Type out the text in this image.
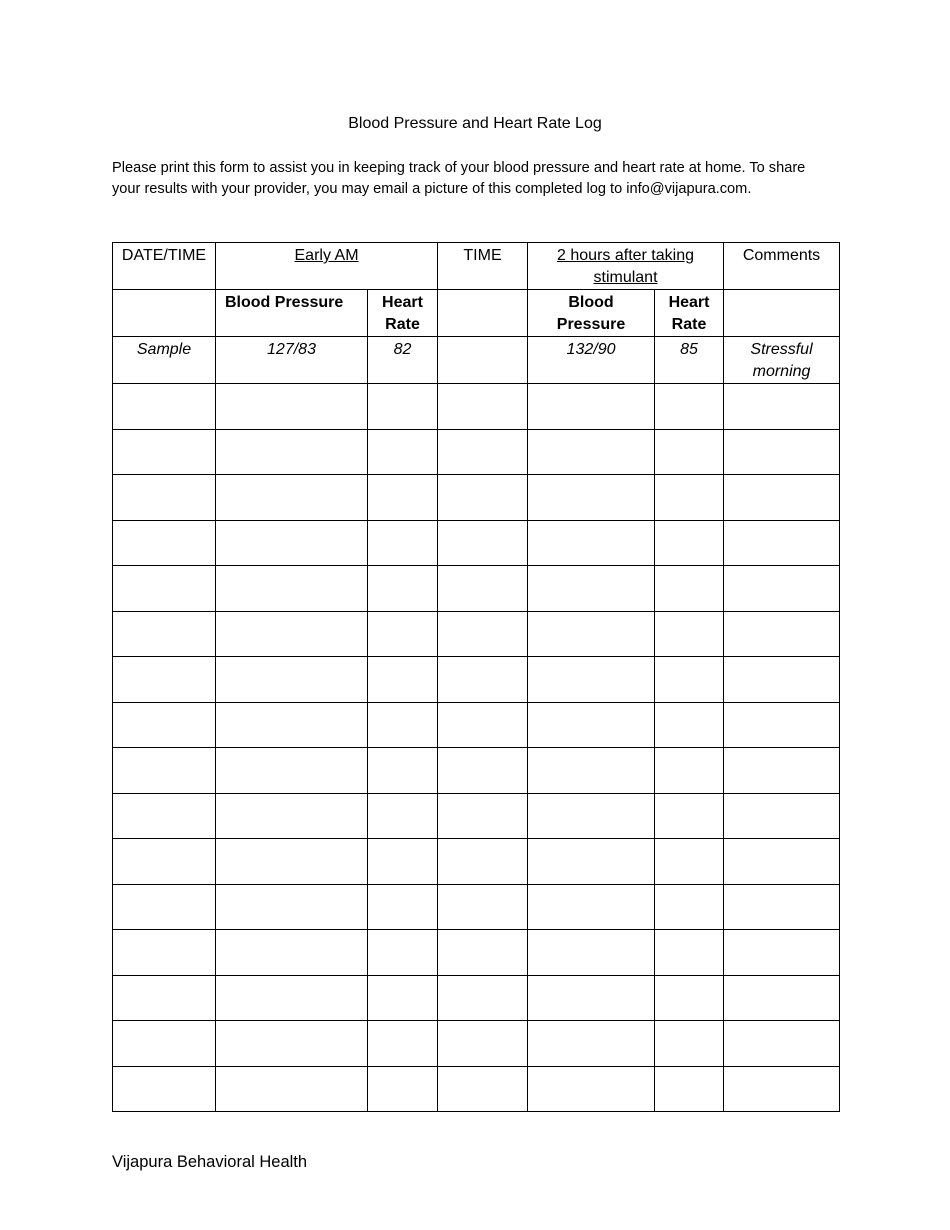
Blood Pressure and Heart Rate Log
Please print this form to assist you in keeping track of your blood pressure and heart rate at home. To share your results with your provider, you may email a picture of this completed log to info@vijapura.com.
DATE/TIME	Early AM		TIME	2 hours after taking stimulant		Comments
	Blood Pressure	Heart Rate		Blood Pressure	Heart Rate	
Sample	127/83	82		132/90	85	Stressful morning

Vijapura Behavioral Health
